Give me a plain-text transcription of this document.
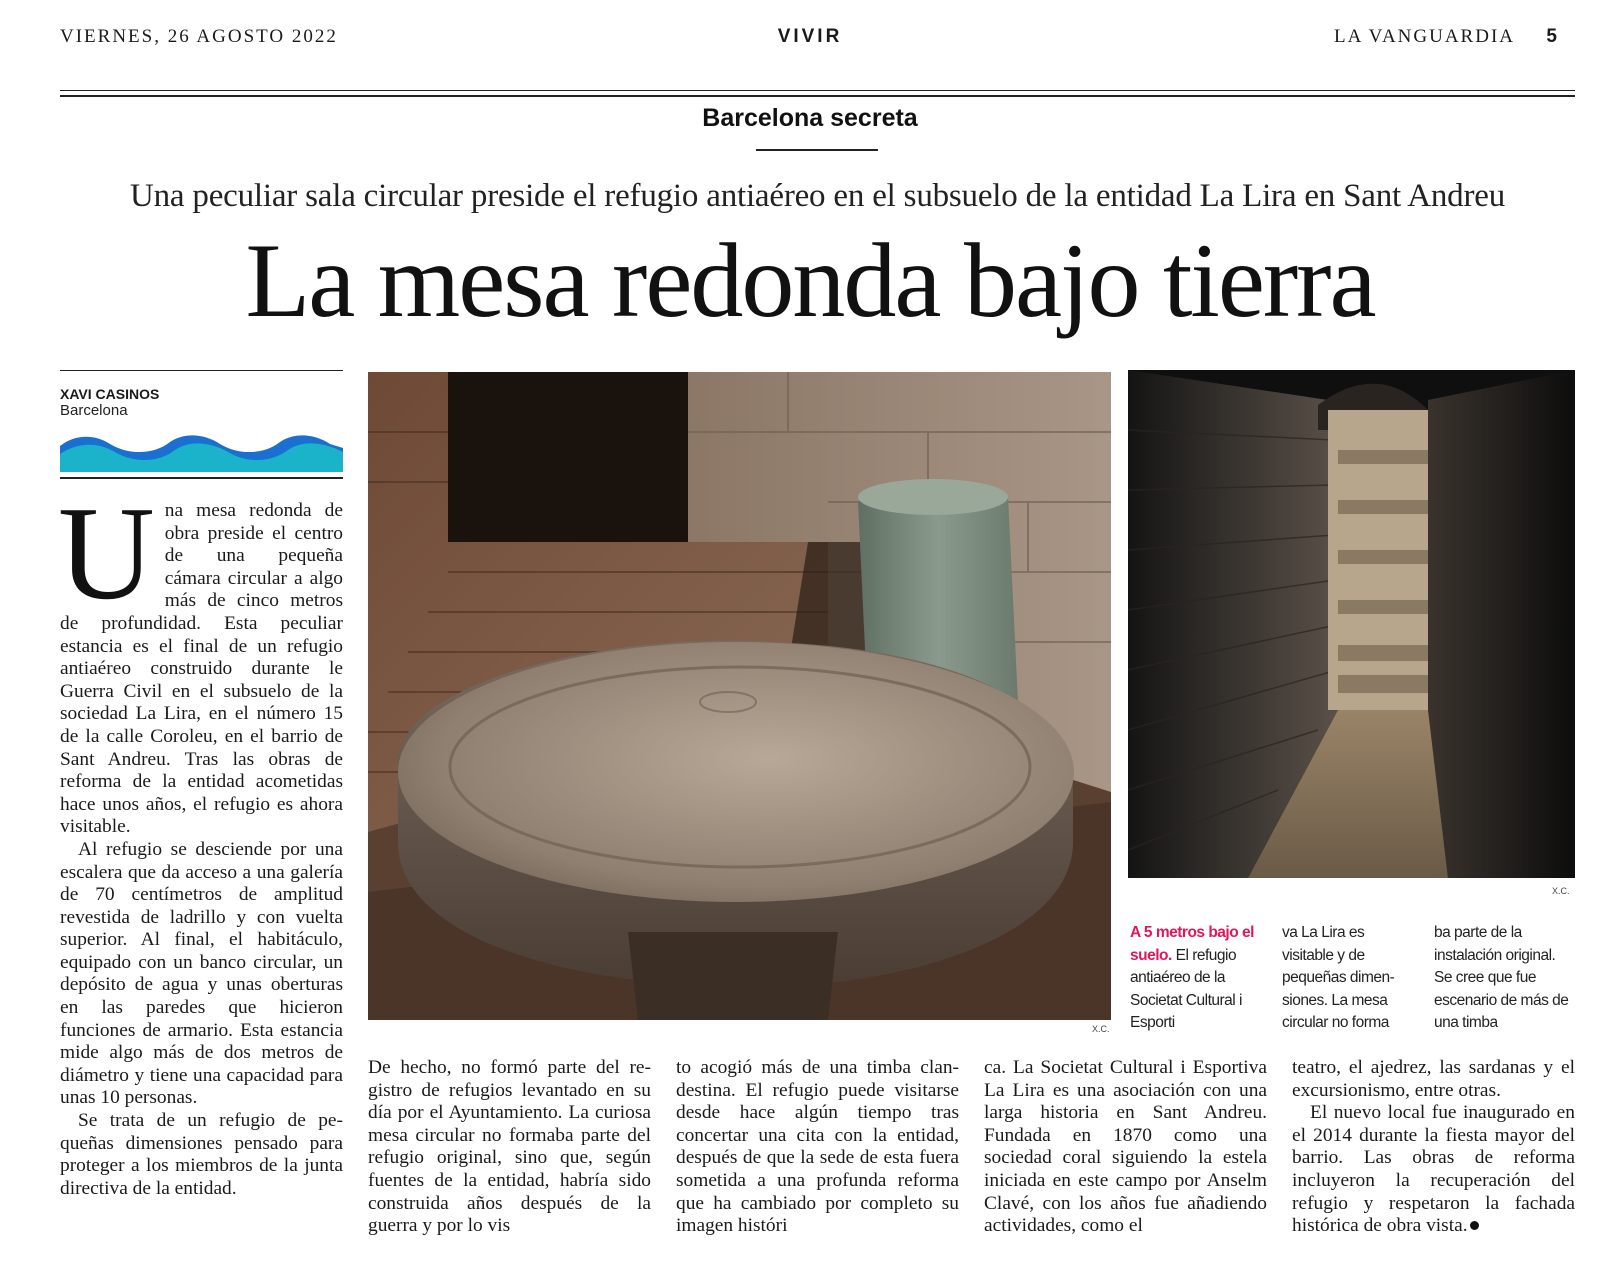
VIERNES, 26 AGOSTO 2022	VIVIR	LA VANGUARDIA 5
Barcelona secreta
Una peculiar sala circular preside el refugio antiaéreo en el subsuelo de la entidad La Lira en Sant Andreu
La mesa redonda bajo tierra
XAVI CASINOS
Barcelona
U na mesa redonda de obra preside el centro de una pequeña cámara circular a algo más de cinco metros de profundidad. Esta peculiar estancia es el final de un refugio antiaéreo construido durante le Guerra Civil en el subsuelo de la sociedad La Lira, en el número 15 de la calle Coroleu, en el barrio de Sant Andreu. Tras las obras de reforma de la entidad acometidas hace unos años, el refugio es ahora visitable.

Al refugio se desciende por una escalera que da acceso a una galería de 70 centímetros de amplitud revestida de ladrillo y con vuelta superior. Al final, el habitáculo, equipado con un banco circular, un depósito de agua y unas oberturas en las paredes que hicieron funciones de armario. Esta estancia mide algo más de dos metros de diámetro y tiene una capacidad para unas 10 personas.

Se trata de un refugio de pequeñas dimensiones pensado para proteger a los miembros de la junta directiva de la entidad.

X.C.
X.C.
A 5 metros bajo el suelo. El refugio antiaéreo de la Societat Cultural i Esporti
va La Lira es visitable y de pequeñas dimensiones. La mesa circular no forma
ba parte de la instalación original. Se cree que fue escenario de más de una timba

De hecho, no formó parte del registro de refugios levantado en su día por el Ayuntamiento. La curiosa mesa circular no formaba parte del refugio original, sino que, según fuentes de la entidad, habría sido construida años después de la guerra y por lo vis

to acogió más de una timba clandestina. El refugio puede visitarse desde hace algún tiempo tras concertar una cita con la entidad, después de que la sede de esta fuera sometida a una profunda reforma que ha cambiado por completo su imagen históri

ca. La Societat Cultural i Esportiva La Lira es una asociación con una larga historia en Sant Andreu. Fundada en 1870 como una sociedad coral siguiendo la estela iniciada en este campo por Anselm Clavé, con los años fue añadiendo actividades, como el

teatro, el ajedrez, las sardanas y el excursionismo, entre otras.

El nuevo local fue inaugurado en el 2014 durante la fiesta mayor del barrio. Las obras de reforma incluyeron la recuperación del refugio y respetaron la fachada histórica de obra vista.
